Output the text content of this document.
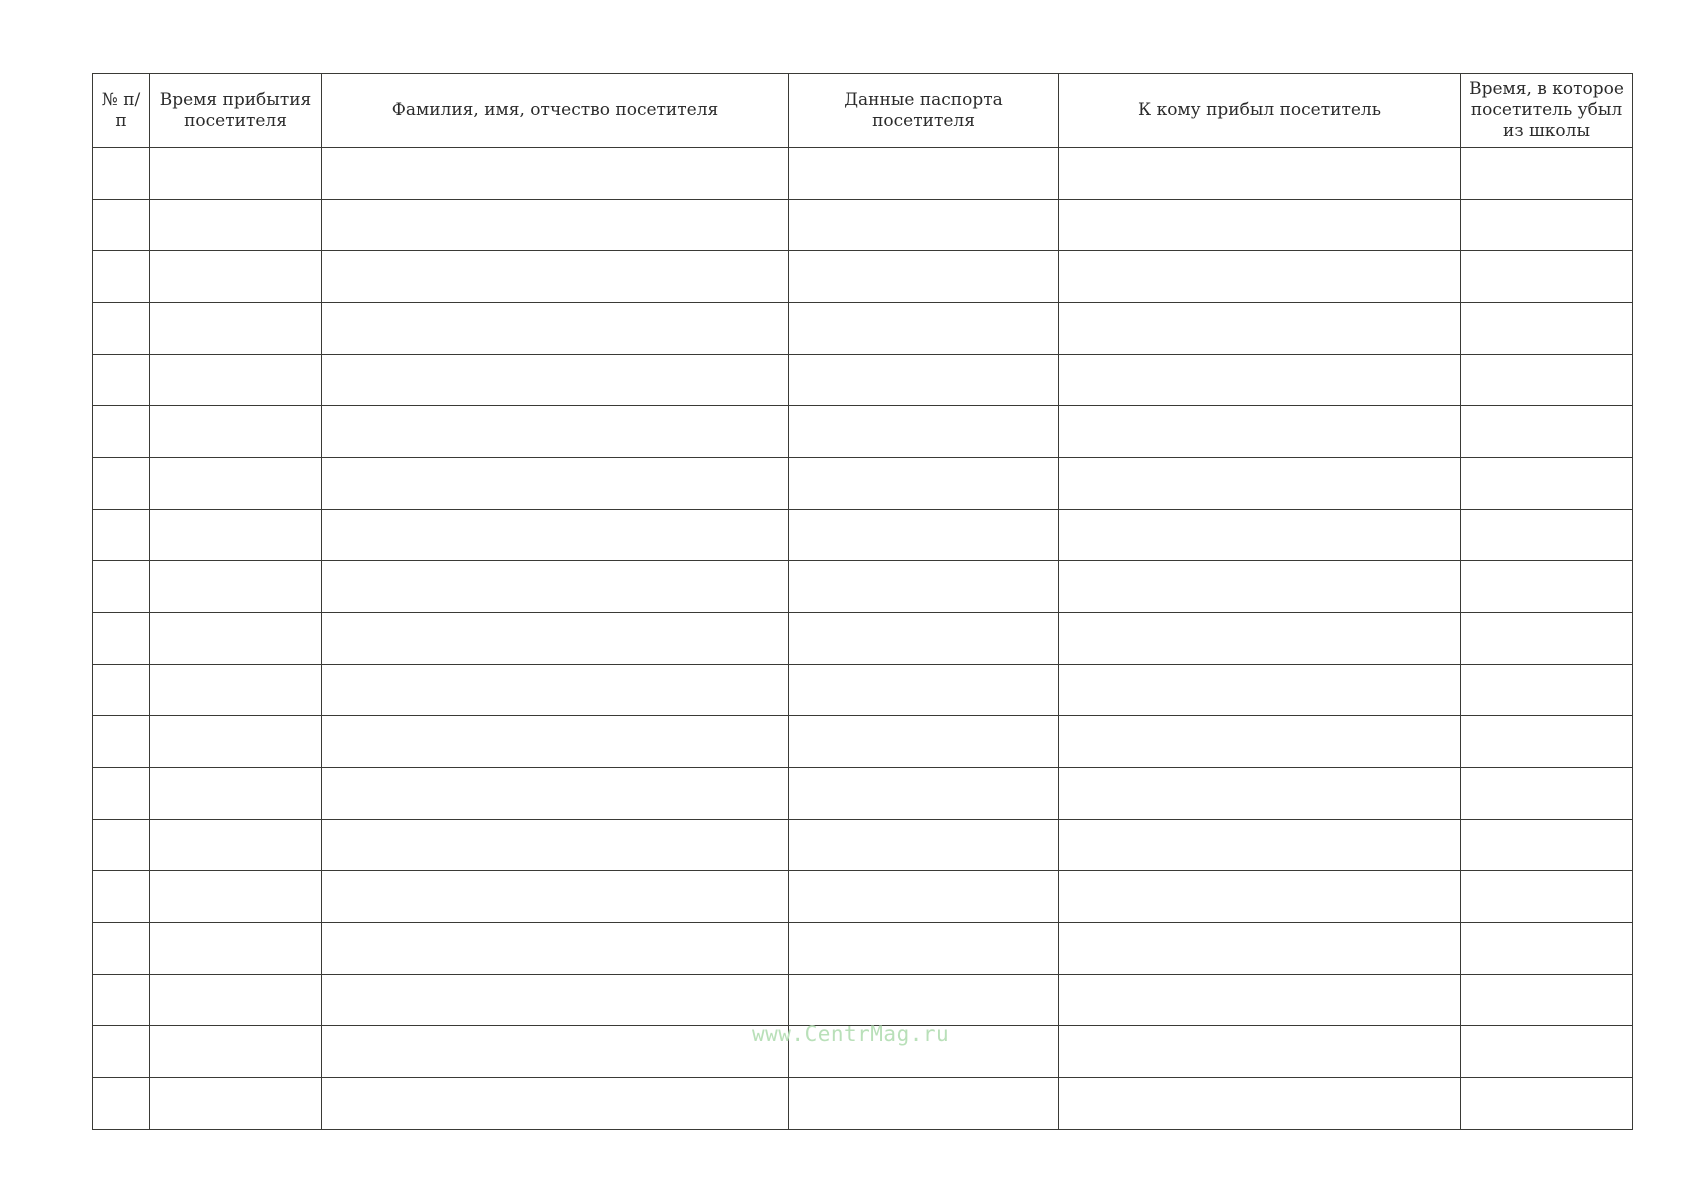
№ п/п	Время прибытия посетителя	Фамилия, имя, отчество посетителя	Данные паспорта посетителя	К кому прибыл посетитель	Время, в которое посетитель убыл из школы

www.CentrMag.ru
